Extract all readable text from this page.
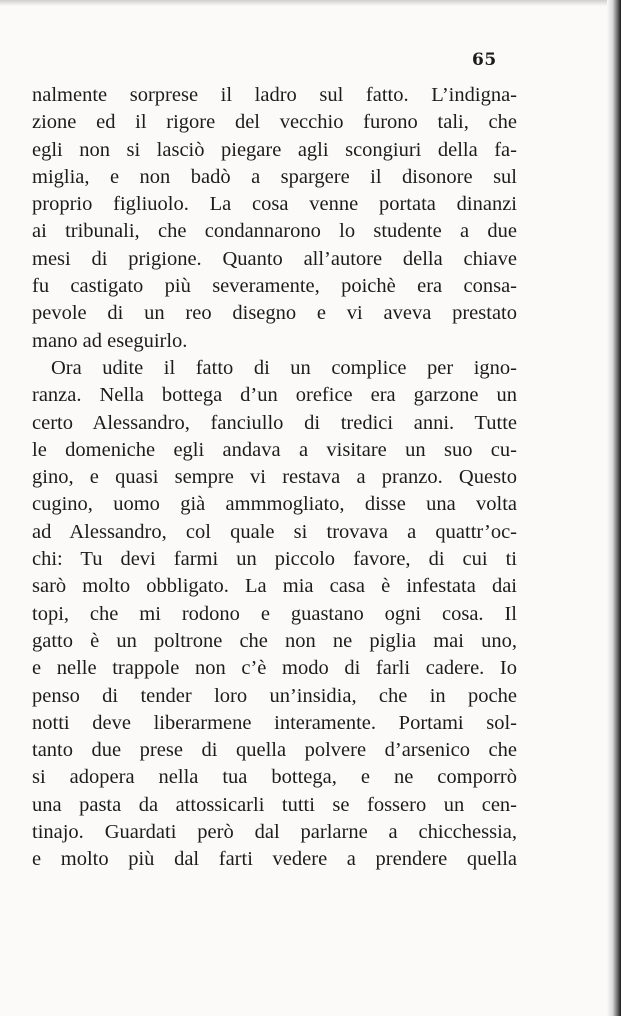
65
nalmente sorprese il ladro sul fatto. L’indigna-
zione ed il rigore del vecchio furono tali, che
egli non si lasciò piegare agli scongiuri della fa-
miglia, e non badò a spargere il disonore sul
proprio figliuolo. La cosa venne portata dinanzi
ai tribunali, che condannarono lo studente a due
mesi di prigione. Quanto all’autore della chiave
fu castigato più severamente, poichè era consa-
pevole di un reo disegno e vi aveva prestato
mano ad eseguirlo.
Ora udite il fatto di un complice per igno-
ranza. Nella bottega d’un orefice era garzone un
certo Alessandro, fanciullo di tredici anni. Tutte
le domeniche egli andava a visitare un suo cu-
gino, e quasi sempre vi restava a pranzo. Questo
cugino, uomo già ammmogliato, disse una volta
ad Alessandro, col quale si trovava a quattr’oc-
chi: Tu devi farmi un piccolo favore, di cui ti
sarò molto obbligato. La mia casa è infestata dai
topi, che mi rodono e guastano ogni cosa. Il
gatto è un poltrone che non ne piglia mai uno,
e nelle trappole non c’è modo di farli cadere. Io
penso di tender loro un’insidia, che in poche
notti deve liberarmene interamente. Portami sol-
tanto due prese di quella polvere d’arsenico che
si adopera nella tua bottega, e ne comporrò
una pasta da attossicarli tutti se fossero un cen-
tinajo. Guardati però dal parlarne a chicchessia,
e molto più dal farti vedere a prendere quella
